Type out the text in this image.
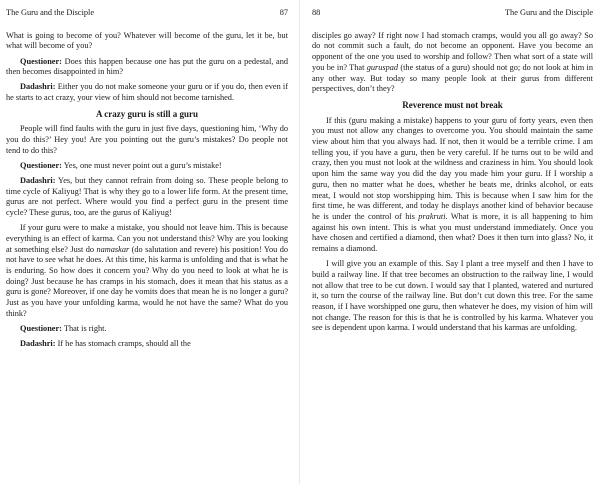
The Guru and the Disciple	87

What is going to become of you? Whatever will become of the guru, let it be, but what will become of you?

Questioner: Does this happen because one has put the guru on a pedestal, and then becomes disappointed in him?

Dadashri: Either you do not make someone your guru or if you do, then even if he starts to act crazy, your view of him should not become tarnished.

A crazy guru is still a guru

People will find faults with the guru in just five days, questioning him, ‘Why do you do this?’ Hey you! Are you pointing out the guru’s mistakes? Do people not tend to do this?

Questioner: Yes, one must never point out a guru’s mistake!

Dadashri: Yes, but they cannot refrain from doing so. These people belong to time cycle of Kaliyug! That is why they go to a lower life form. At the present time, gurus are not perfect. Where would you find a perfect guru in the present time cycle? These gurus, too, are the gurus of Kaliyug!

If your guru were to make a mistake, you should not leave him. This is because everything is an effect of karma. Can you not understand this? Why are you looking at something else? Just do namaskar (do salutation and revere) his position! You do not have to see what he does. At this time, his karma is unfolding and that is what he is enduring. So how does it concern you? Why do you need to look at what he is doing? Just because he has cramps in his stomach, does it mean that his status as a guru is gone? Moreover, if one day he vomits does that mean he is no longer a guru? Just as you have your unfolding karma, would he not have the same? What do you think?

Questioner: That is right.

Dadashri: If he has stomach cramps, should all the

88	The Guru and the Disciple

disciples go away? If right now I had stomach cramps, would you all go away? So do not commit such a fault, do not become an opponent. Have you become an opponent of the one you used to worship and follow? Then what sort of a state will you be in? That guruspad (the status of a guru) should not go; do not look at him in any other way. But today so many people look at their gurus from different perspectives, don’t they?

Reverence must not break

If this (guru making a mistake) happens to your guru of forty years, even then you must not allow any changes to overcome you. You should maintain the same view about him that you always had. If not, then it would be a terrible crime. I am telling you, if you have a guru, then be very careful. If he turns out to be wild and crazy, then you must not look at the wildness and craziness in him. You should look upon him the same way you did the day you made him your guru. If I worship a guru, then no matter what he does, whether he beats me, drinks alcohol, or eats meat, I would not stop worshipping him. This is because when I saw him for the first time, he was different, and today he displays another kind of behavior because he is under the control of his prakruti. What is more, it is all happening to him against his own intent. This is what you must understand immediately. Once you have chosen and certified a diamond, then what? Does it then turn into glass? No, it remains a diamond.

I will give you an example of this. Say I plant a tree myself and then I have to build a railway line. If that tree becomes an obstruction to the railway line, I would not allow that tree to be cut down. I would say that I planted, watered and nurtured it, so turn the course of the railway line. But don’t cut down this tree. For the same reason, if I have worshipped one guru, then whatever he does, my vision of him will not change. The reason for this is that he is controlled by his karma. Whatever you see is dependent upon karma. I would understand that his karmas are unfolding.
